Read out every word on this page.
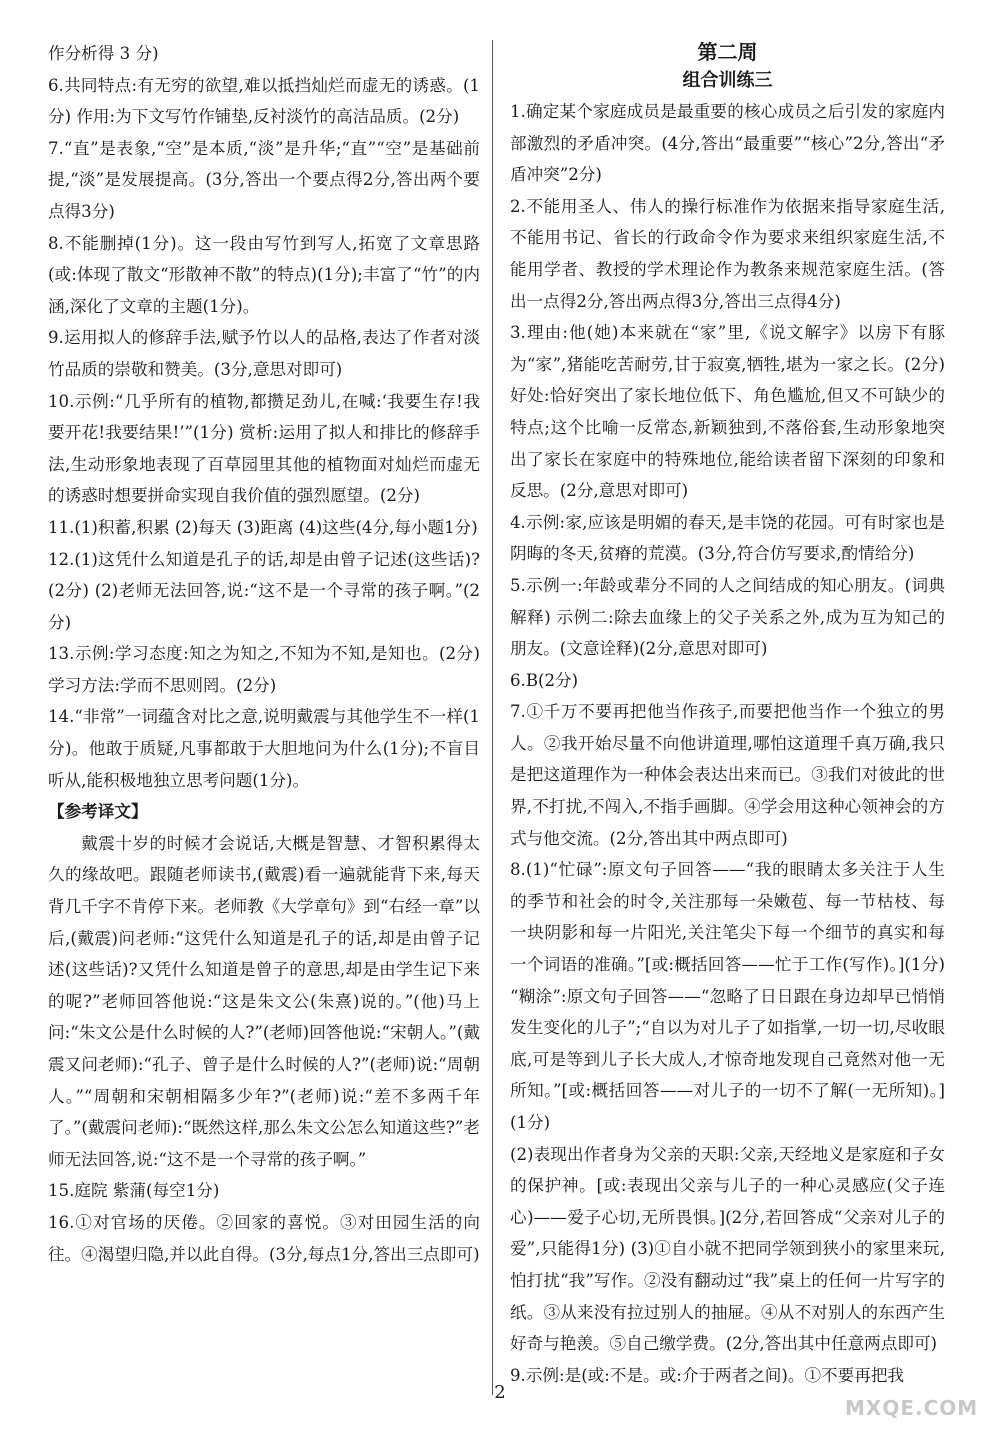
作分析得 3 分)

6.共同特点:有无穷的欲望,难以抵挡灿烂而虚无的诱惑。(1分) 作用:为下文写竹作铺垫,反衬淡竹的高洁品质。(2分)

7.“直”是表象,“空”是本质,“淡”是升华;“直”“空”是基础前提,“淡”是发展提高。(3分,答出一个要点得2分,答出两个要点得3分)

8.不能删掉(1分)。这一段由写竹到写人,拓宽了文章思路(或:体现了散文“形散神不散”的特点)(1分);丰富了“竹”的内涵,深化了文章的主题(1分)。

9.运用拟人的修辞手法,赋予竹以人的品格,表达了作者对淡竹品质的崇敬和赞美。(3分,意思对即可)

10.示例:“几乎所有的植物,都攒足劲儿,在喊:‘我要生存!我要开花!我要结果!’”(1分) 赏析:运用了拟人和排比的修辞手法,生动形象地表现了百草园里其他的植物面对灿烂而虚无的诱惑时想要拼命实现自我价值的强烈愿望。(2分)

11.(1)积蓄,积累 (2)每天 (3)距离 (4)这些(4分,每小题1分)

12.(1)这凭什么知道是孔子的话,却是由曾子记述(这些话)? (2分) (2)老师无法回答,说:“这不是一个寻常的孩子啊。”(2分)

13.示例:学习态度:知之为知之,不知为不知,是知也。(2分) 学习方法:学而不思则罔。(2分)

14.“非常”一词蕴含对比之意,说明戴震与其他学生不一样(1分)。他敢于质疑,凡事都敢于大胆地问为什么(1分);不盲目听从,能积极地独立思考问题(1分)。

【参考译文】

戴震十岁的时候才会说话,大概是智慧、才智积累得太久的缘故吧。跟随老师读书,(戴震)看一遍就能背下来,每天背几千字不肯停下来。老师教《大学章句》到“右经一章”以后,(戴震)问老师:“这凭什么知道是孔子的话,却是由曾子记述(这些话)?又凭什么知道是曾子的意思,却是由学生记下来的呢?”老师回答他说:“这是朱文公(朱熹)说的。”(他)马上问:“朱文公是什么时候的人?”(老师)回答他说:“宋朝人。”(戴震又问老师):“孔子、曾子是什么时候的人?”(老师)说:“周朝人。”“周朝和宋朝相隔多少年?”(老师)说:“差不多两千年了。”(戴震问老师):“既然这样,那么朱文公怎么知道这些?”老师无法回答,说:“这不是一个寻常的孩子啊。”

15.庭院 紫蒲(每空1分)

16.①对官场的厌倦。②回家的喜悦。③对田园生活的向往。④渴望归隐,并以此自得。(3分,每点1分,答出三点即可)

第二周

组合训练三

1.确定某个家庭成员是最重要的核心成员之后引发的家庭内部激烈的矛盾冲突。(4分,答出“最重要”“核心”2分,答出“矛盾冲突”2分)

2.不能用圣人、伟人的操行标准作为依据来指导家庭生活,不能用书记、省长的行政命令作为要求来组织家庭生活,不能用学者、教授的学术理论作为教条来规范家庭生活。(答出一点得2分,答出两点得3分,答出三点得4分)

3.理由:他(她)本来就在“家”里,《说文解字》以房下有豚为“家”,猪能吃苦耐劳,甘于寂寞,牺牲,堪为一家之长。(2分) 好处:恰好突出了家长地位低下、角色尴尬,但又不可缺少的特点;这个比喻一反常态,新颖独到,不落俗套,生动形象地突出了家长在家庭中的特殊地位,能给读者留下深刻的印象和反思。(2分,意思对即可)

4.示例:家,应该是明媚的春天,是丰饶的花园。可有时家也是阴晦的冬天,贫瘠的荒漠。(3分,符合仿写要求,酌情给分)

5.示例一:年龄或辈分不同的人之间结成的知心朋友。(词典解释) 示例二:除去血缘上的父子关系之外,成为互为知己的朋友。(文意诠释)(2分,意思对即可)

6.B(2分)

7.①千万不要再把他当作孩子,而要把他当作一个独立的男人。②我开始尽量不向他讲道理,哪怕这道理千真万确,我只是把这道理作为一种体会表达出来而已。③我们对彼此的世界,不打扰,不闯入,不指手画脚。④学会用这种心领神会的方式与他交流。(2分,答出其中两点即可)

8.(1)“忙碌”:原文句子回答——“我的眼睛太多关注于人生的季节和社会的时令,关注那每一朵嫩苞、每一节枯枝、每一块阴影和每一片阳光,关注笔尖下每一个细节的真实和每一个词语的准确。”[或:概括回答——忙于工作(写作)。](1分) “糊涂”:原文句子回答——“忽略了日日跟在身边却早已悄悄发生变化的儿子”;“自以为对儿子了如指掌,一切一切,尽收眼底,可是等到儿子长大成人,才惊奇地发现自己竟然对他一无所知。”[或:概括回答——对儿子的一切不了解(一无所知)。](1分)

(2)表现出作者身为父亲的天职:父亲,天经地义是家庭和子女的保护神。[或:表现出父亲与儿子的一种心灵感应(父子连心)——爱子心切,无所畏惧。](2分,若回答成“父亲对儿子的爱”,只能得1分) (3)①自小就不把同学领到狭小的家里来玩,怕打扰“我”写作。②没有翻动过“我”桌上的任何一片写字的纸。③从来没有拉过别人的抽屉。④从不对别人的东西产生好奇与艳羡。⑤自己缴学费。(2分,答出其中任意两点即可)

9.示例:是(或:不是。或:介于两者之间)。①不要再把我

2
MXQE.COM
